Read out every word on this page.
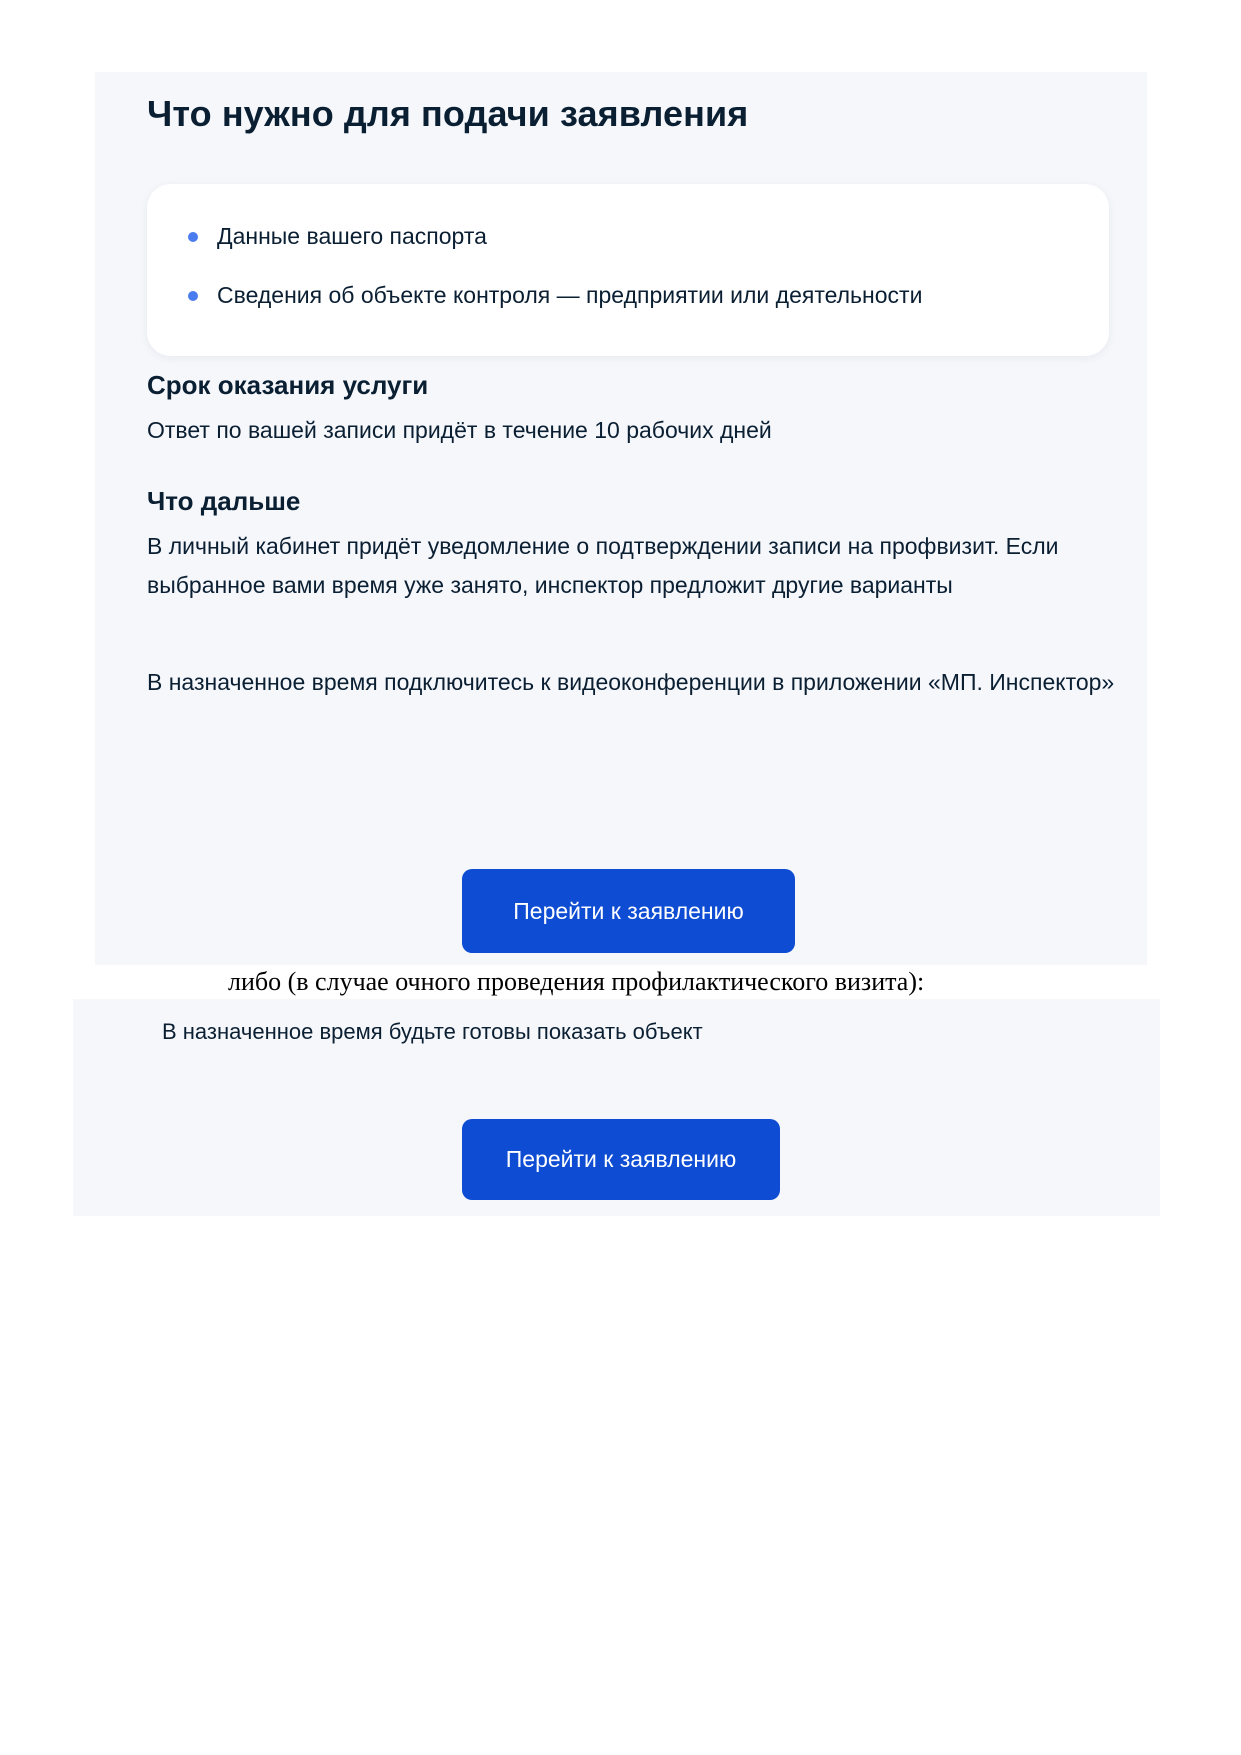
Что нужно для подачи заявления
Данные вашего паспорта
Сведения об объекте контроля — предприятии или деятельности
Срок оказания услуги

Ответ по вашей записи придёт в течение 10 рабочих дней

Что дальше

В личный кабинет придёт уведомление о подтверждении записи на профвизит. Если выбранное вами время уже занято, инспектор предложит другие варианты

В назначенное время подключитесь к видеоконференции в приложении «МП. Инспектор»

Перейти к заявлению

либо (в случае очного проведения профилактического визита):

В назначенное время будьте готовы показать объект

Перейти к заявлению
